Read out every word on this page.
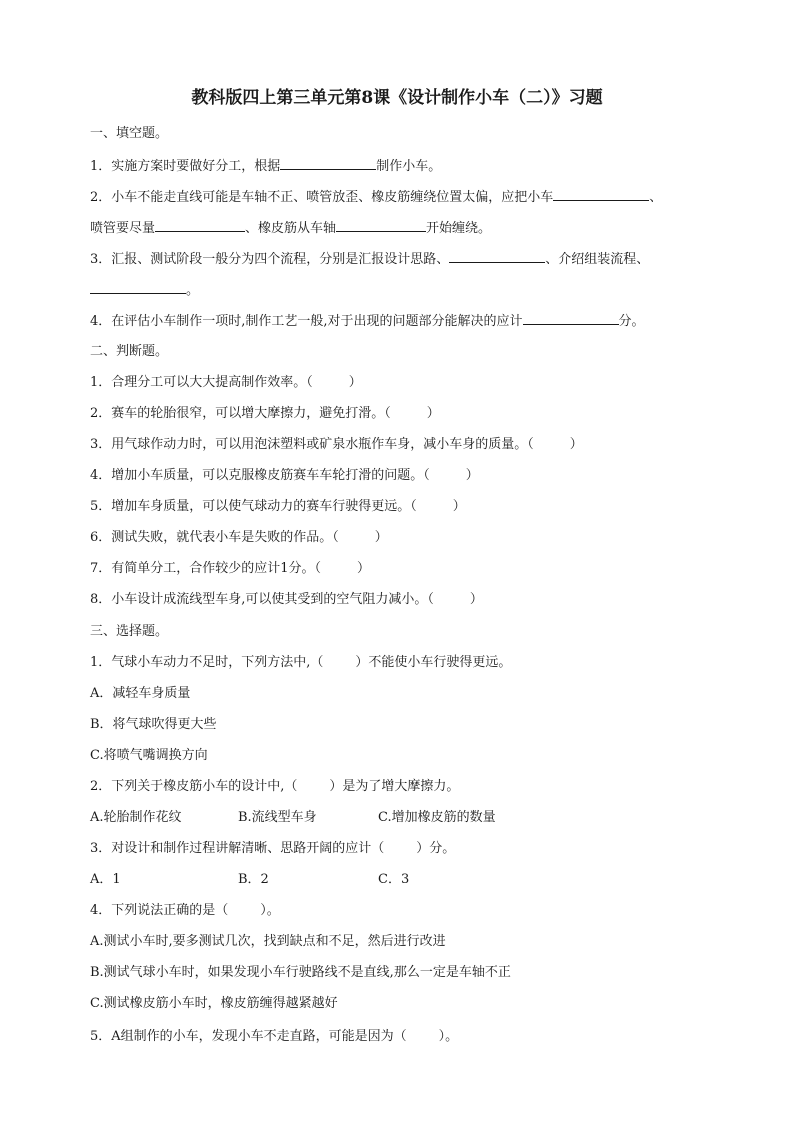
教科版四上第三单元第8课《设计制作小车（二）》习题
一、填空题。
1．实施方案时要做好分工，根据	制作小车。
2．小车不能走直线可能是车轴不正、喷管放歪、橡皮筋缠绕位置太偏，应把小车	、
喷管要尽量	、橡皮筋从车轴	开始缠绕。
3．汇报、测试阶段一般分为四个流程，分别是汇报设计思路、	、介绍组装流程、
。
4．在评估小车制作一项时,制作工艺一般,对于出现的问题部分能解决的应计	分。
二、判断题。
1．合理分工可以大大提高制作效率。（	）
2．赛车的轮胎很窄，可以增大摩擦力，避免打滑。（	）
3．用气球作动力时，可以用泡沫塑料或矿泉水瓶作车身，减小车身的质量。（	）
4．增加小车质量，可以克服橡皮筋赛车车轮打滑的问题。（	）
5．增加车身质量，可以使气球动力的赛车行驶得更远。（	）
6．测试失败，就代表小车是失败的作品。（	）
7．有简单分工，合作较少的应计1分。（	）
8．小车设计成流线型车身,可以使其受到的空气阻力减小。（	）
三、选择题。
1．气球小车动力不足时，下列方法中,（ ）不能使小车行驶得更远。
A．减轻车身质量
B．将气球吹得更大些
C.将喷气嘴调换方向
2．下列关于橡皮筋小车的设计中,（ ）是为了增大摩擦力。
A.轮胎制作花纹	B.流线型车身	C.增加橡皮筋的数量
3．对设计和制作过程讲解清晰、思路开阔的应计（ ）分。
A．1	B．2	C．3
4．下列说法正确的是（ ）。
A.测试小车时,要多测试几次，找到缺点和不足，然后进行改进
B.测试气球小车时，如果发现小车行驶路线不是直线,那么一定是车轴不正
C.测试橡皮筋小车时，橡皮筋缠得越紧越好
5．A组制作的小车，发现小车不走直路，可能是因为（ ）。
